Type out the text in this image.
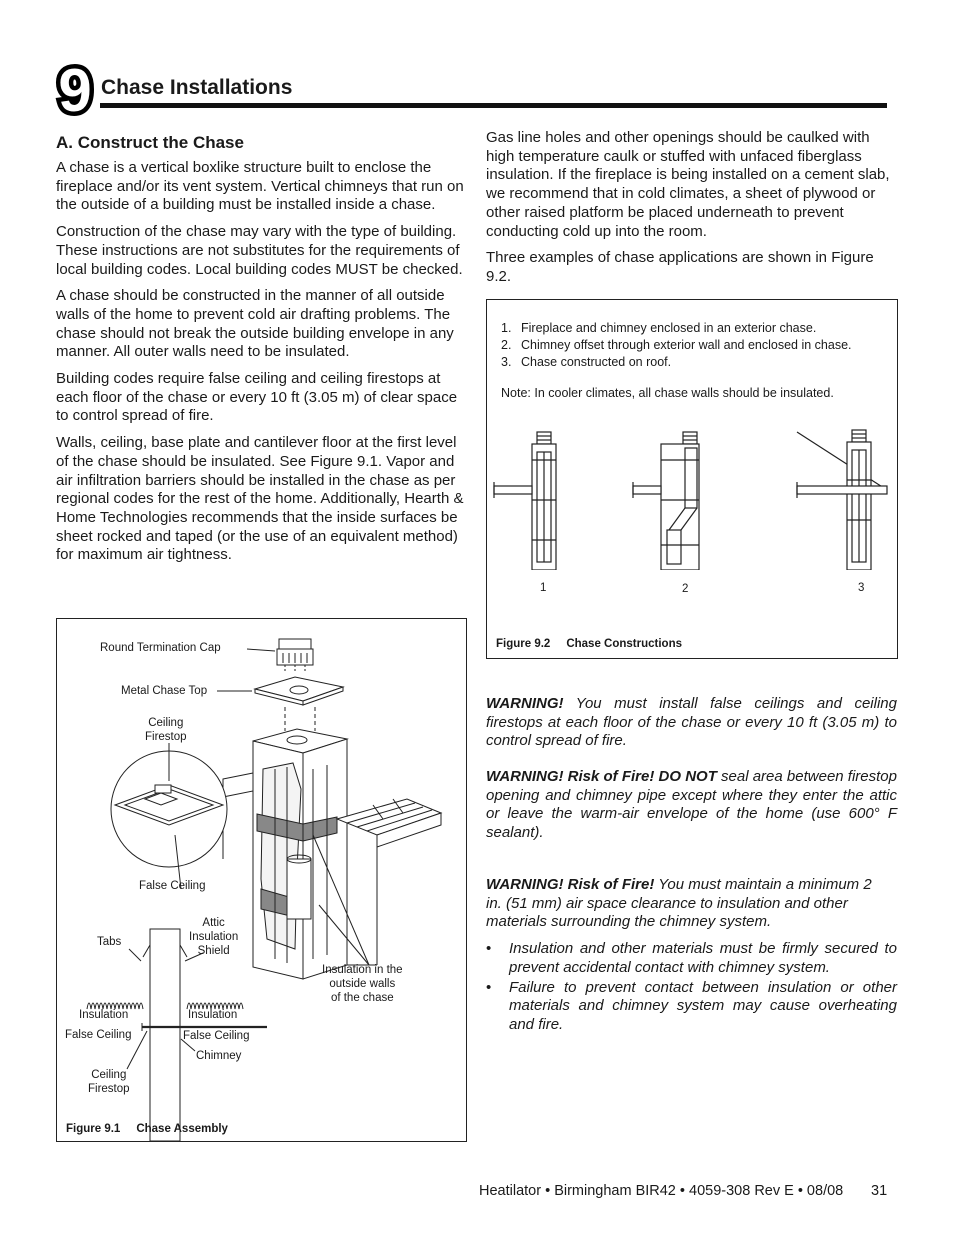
9 Chase Installations
A. Construct the Chase

A chase is a vertical boxlike structure built to enclose the fireplace and/or its vent system. Vertical chimneys that run on the outside of a building must be installed inside a chase.

Construction of the chase may vary with the type of building. These instructions are not substitutes for the requirements of local building codes. Local building codes MUST be checked.

A chase should be constructed in the manner of all outside walls of the home to prevent cold air drafting problems. The chase should not break the outside building envelope in any manner. All outer walls need to be insulated.

Building codes require false ceiling and ceiling firestops at each floor of the chase or every 10 ft (3.05 m) of clear space to control spread of fire.

Walls, ceiling, base plate and cantilever floor at the first level of the chase should be insulated. See Figure 9.1. Vapor and air infiltration barriers should be installed in the chase as per regional codes for the rest of the home. Additionally, Hearth & Home Technologies recommends that the inside surfaces be sheet rocked and taped (or the use of an equivalent method) for maximum air tightness.

Gas line holes and other openings should be caulked with high temperature caulk or stuffed with unfaced fiberglass insulation. If the fireplace is being installed on a cement slab, we recommend that in cold climates, a sheet of plywood or other raised platform be placed underneath to prevent conducting cold up into the room.

Three examples of chase applications are shown in Figure 9.2.

1. Fireplace and chimney enclosed in an exterior chase.
2. Chimney offset through exterior wall and enclosed in chase.
3. Chase constructed on roof.
Note: In cooler climates, all chase walls should be insulated.
1	2	3
Figure 9.2 Chase Constructions

WARNING! You must install false ceilings and ceiling firestops at each floor of the chase or every 10 ft (3.05 m) to control spread of fire.

WARNING! Risk of Fire! DO NOT seal area between firestop opening and chimney pipe except where they enter the attic or leave the warm-air envelope of the home (use 600° F sealant).

WARNING! Risk of Fire! You must maintain a minimum 2 in. (51 mm) air space clearance to insulation and other materials surrounding the chimney system.

• Insulation and other materials must be firmly secured to prevent accidental contact with chimney system.
• Failure to prevent contact between insulation or other materials and chimney system may cause overheating and fire.
Round Termination Cap
Metal Chase Top
Ceiling
Firestop
False Ceiling
Tabs
Attic
Insulation
Shield
Insulation in the
outside walls
of the chase
Insulation	Insulation
False Ceiling	False Ceiling
Chimney
Ceiling
Firestop
Figure 9.1 Chase Assembly
Heatilator • Birmingham BIR42 • 4059-308 Rev E • 08/08 31
